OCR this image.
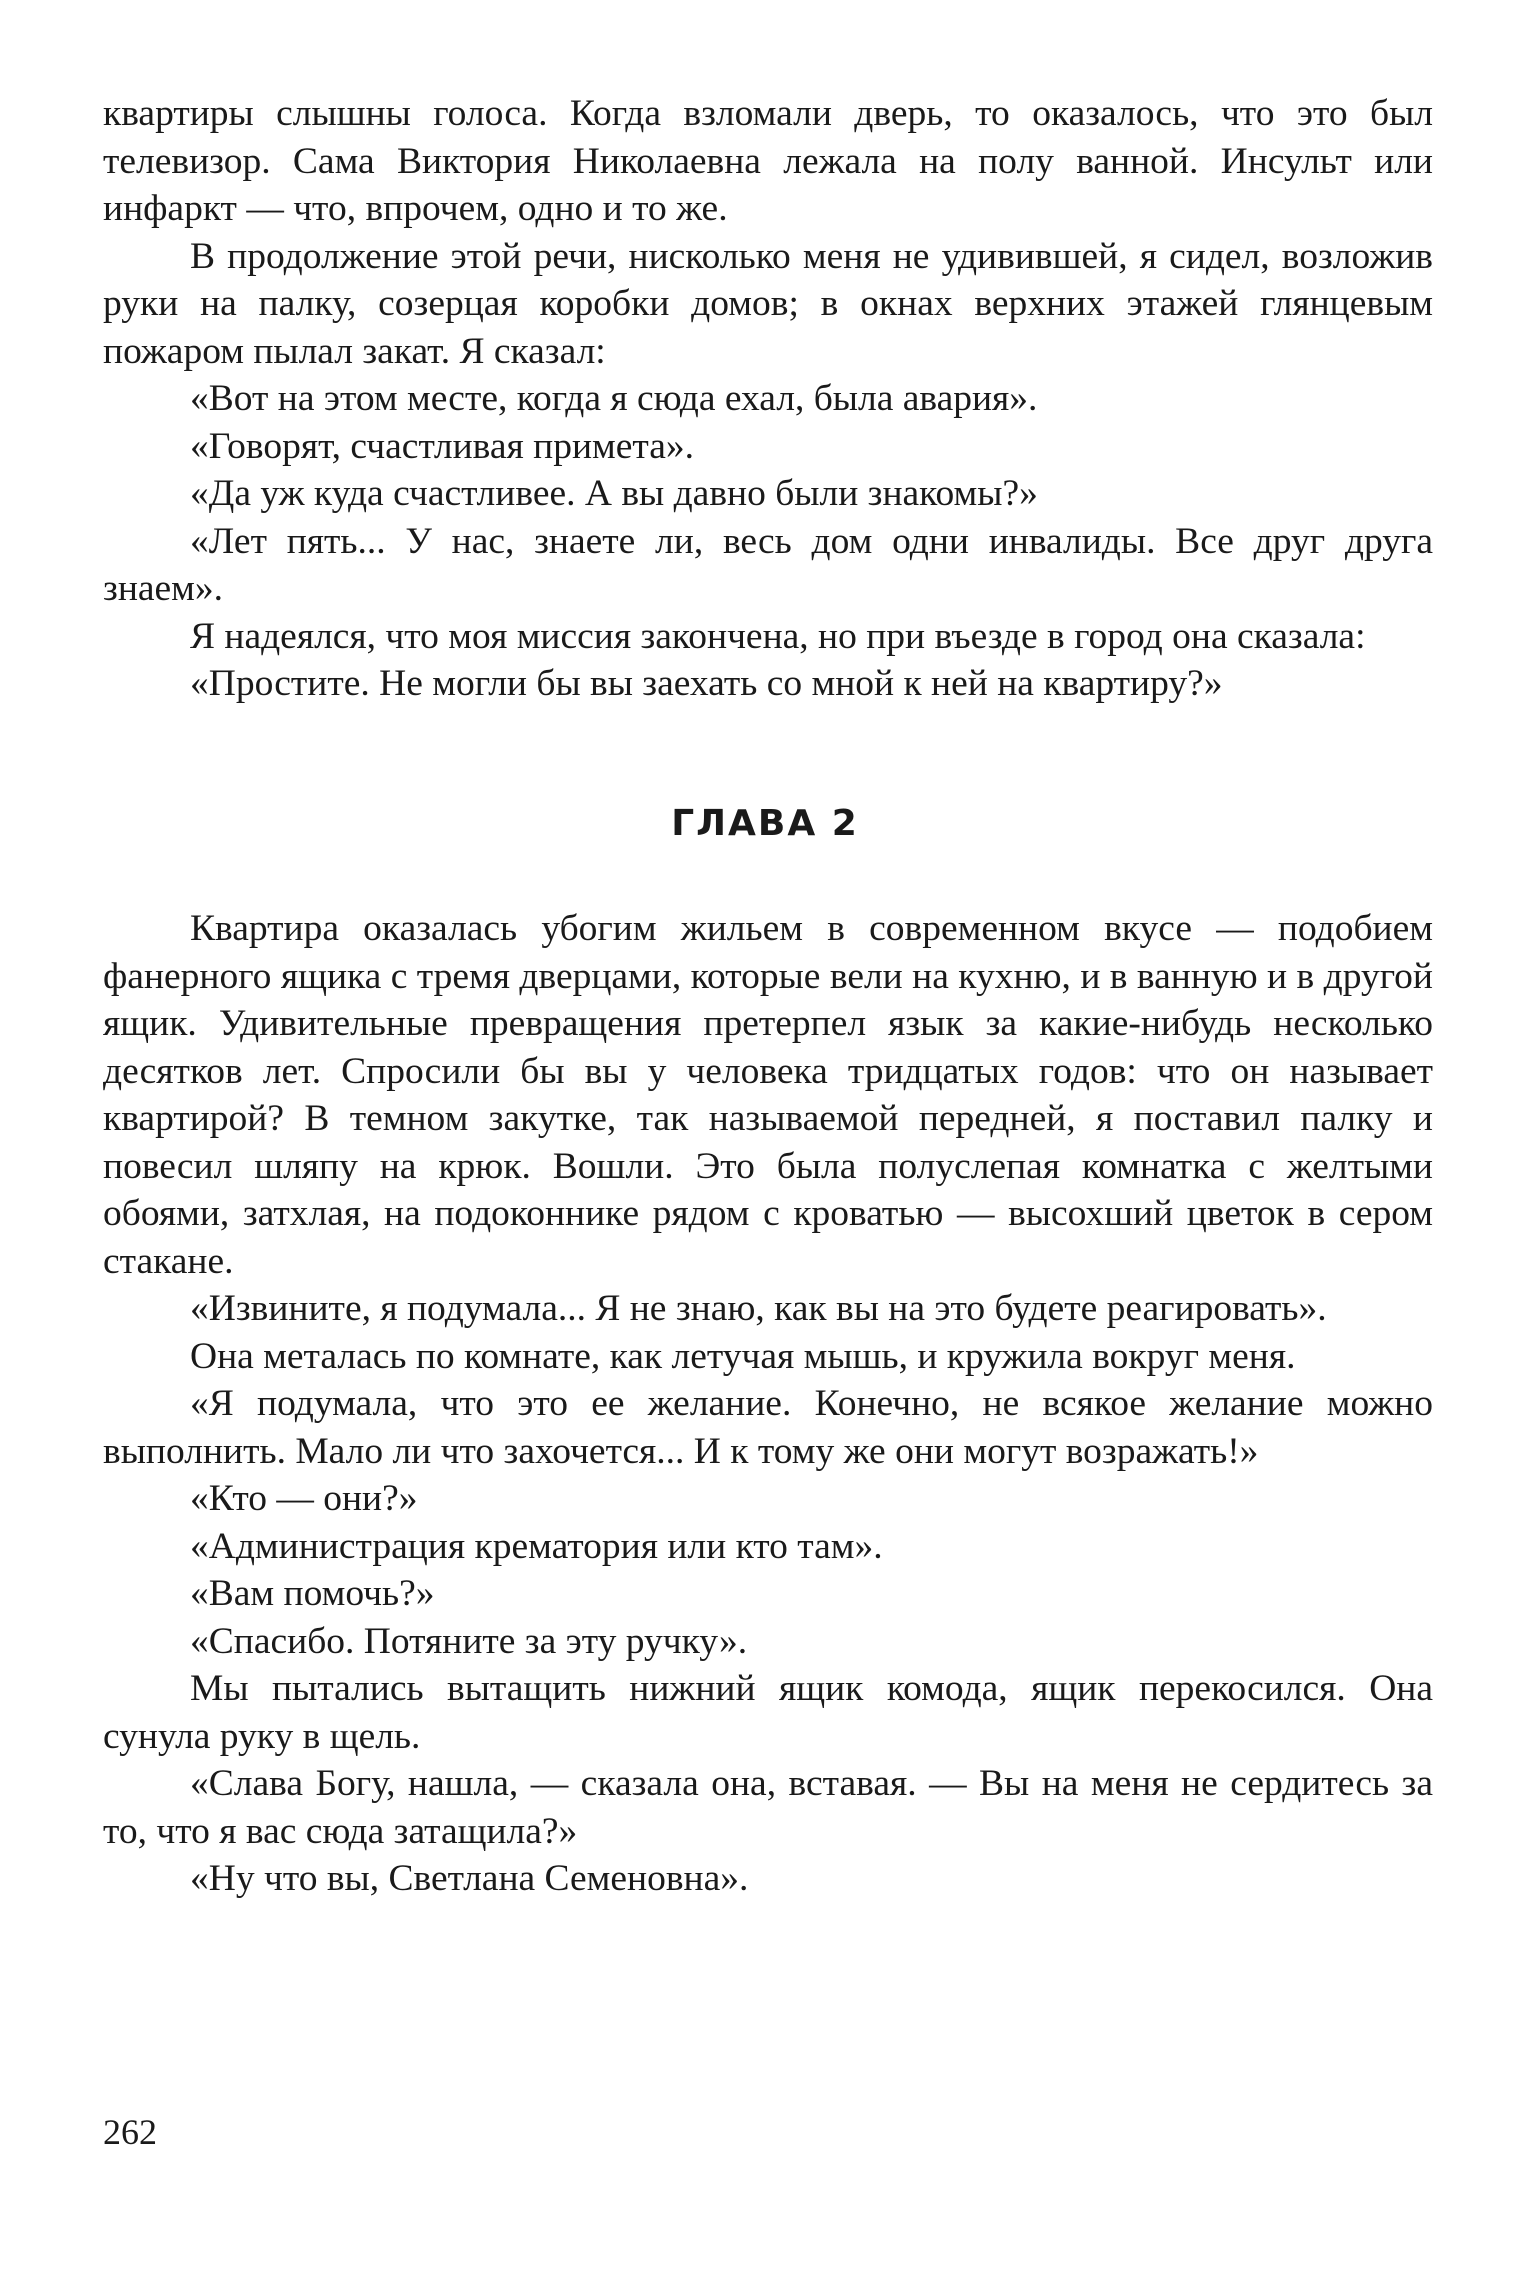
квартиры слышны голоса. Когда взломали дверь, то оказалось, что это был телевизор. Сама Виктория Николаевна лежала на полу ванной. Инсульт или инфаркт — что, впрочем, одно и то же.

В продолжение этой речи, нисколько меня не удивившей, я сидел, возложив руки на палку, созерцая коробки домов; в окнах верхних этажей глянцевым пожаром пылал закат. Я сказал:

«Вот на этом месте, когда я сюда ехал, была авария».

«Говорят, счастливая примета».

«Да уж куда счастливее. А вы давно были знакомы?»

«Лет пять... У нас, знаете ли, весь дом одни инвалиды. Все друг друга знаем».

Я надеялся, что моя миссия закончена, но при въезде в город она сказала:

«Простите. Не могли бы вы заехать со мной к ней на квартиру?»

ГЛАВА 2

Квартира оказалась убогим жильем в современном вкусе — подобием фанерного ящика с тремя дверцами, которые вели на кухню, и в ванную и в другой ящик. Удивительные превращения претерпел язык за какие-нибудь несколько десятков лет. Спросили бы вы у человека тридцатых годов: что он называет квартирой? В темном закутке, так называемой передней, я поставил палку и повесил шляпу на крюк. Вошли. Это была полуслепая комнатка с желтыми обоями, затхлая, на подоконнике рядом с кроватью — высохший цветок в сером стакане.

«Извините, я подумала... Я не знаю, как вы на это будете реагировать».

Она металась по комнате, как летучая мышь, и кружила вокруг меня.

«Я подумала, что это ее желание. Конечно, не всякое желание можно выполнить. Мало ли что захочется... И к тому же они могут возражать!»

«Кто — они?»

«Администрация крематория или кто там».

«Вам помочь?»

«Спасибо. Потяните за эту ручку».

Мы пытались вытащить нижний ящик комода, ящик перекосился. Она сунула руку в щель.

«Слава Богу, нашла, — сказала она, вставая. — Вы на меня не сердитесь за то, что я вас сюда затащила?»

«Ну что вы, Светлана Семеновна».

262
